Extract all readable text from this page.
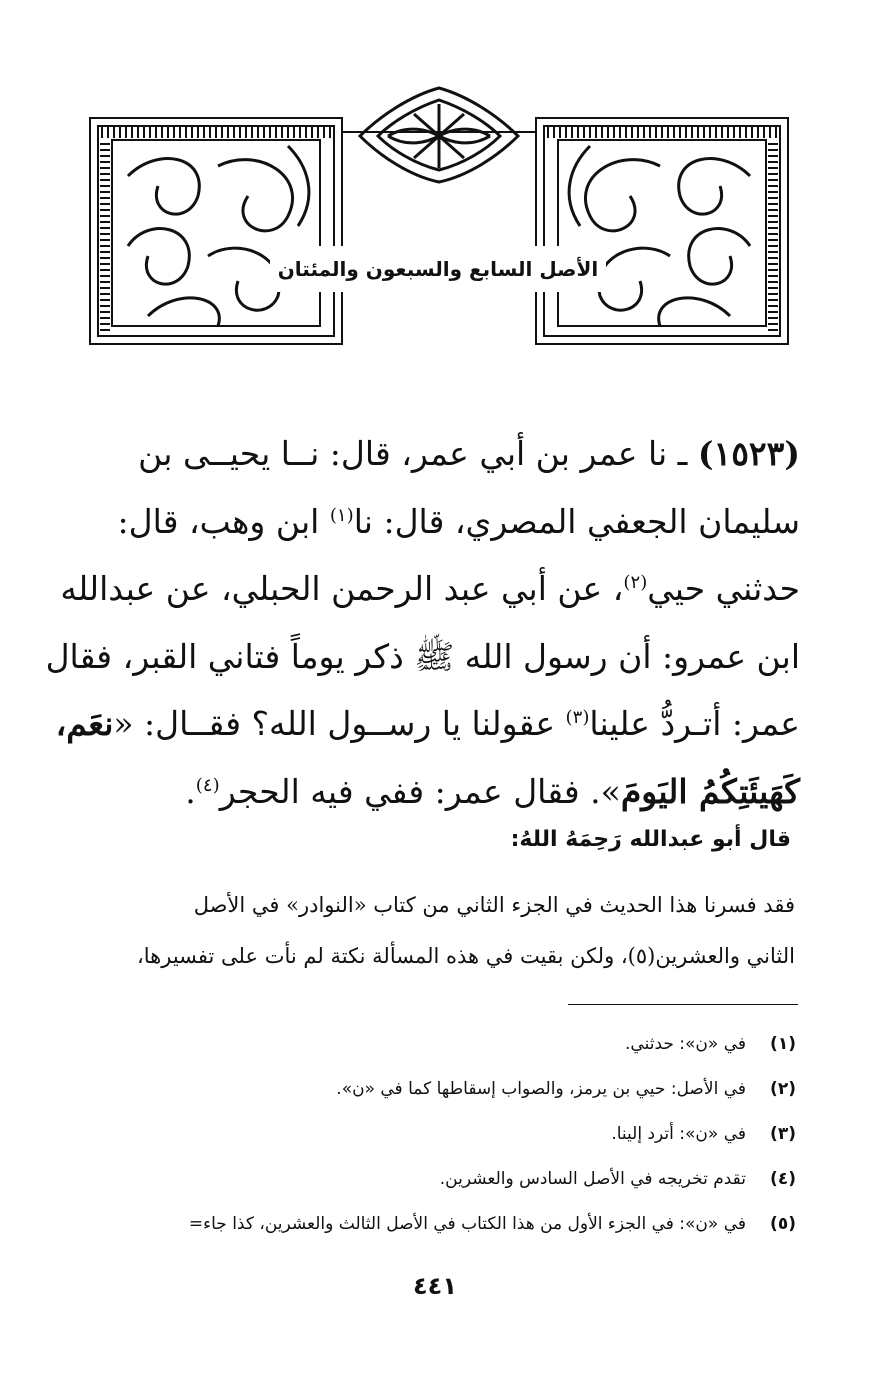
الأصل السابع والسبعون والمئتان
(١٥٢٣) ـ نا عمر بن أبي عمر، قال: نــا يحيــى بن
سليمان الجعفي المصري، قال: نا$^{(١)}$ ابن وهب، قال:
حدثني حيي$^{(٢)}$، عن أبي عبد الرحمن الحبلي، عن عبدالله
ابن عمرو: أن رسول الله ﷺ ذكر يوماً فتاني القبر، فقال
عمر: أتـردُّ علينا$^{(٣)}$ عقولنا يا رســول الله؟ فقــال: «نعَم،
كَهَيئَتِكُمُ اليَومَ». فقال عمر: ففي فيه الحجر$^{(٤)}$.
قال أبو عبدالله رَحِمَهُ اللهُ:
فقد فسرنا هذا الحديث في الجزء الثاني من كتاب «النوادر» في الأصل
الثاني والعشرين(٥)، ولكن بقيت في هذه المسألة نكتة لم نأت على تفسيرها،
(١)
في «ن»: حدثني.
(٢)
في الأصل: حيي بن يرمز، والصواب إسقاطها كما في «ن».
(٣)
في «ن»: أترد إلينا.
(٤)
تقدم تخريجه في الأصل السادس والعشرين.
(٥)
في «ن»: في الجزء الأول من هذا الكتاب في الأصل الثالث والعشرين، كذا جاء=
٤٤١
